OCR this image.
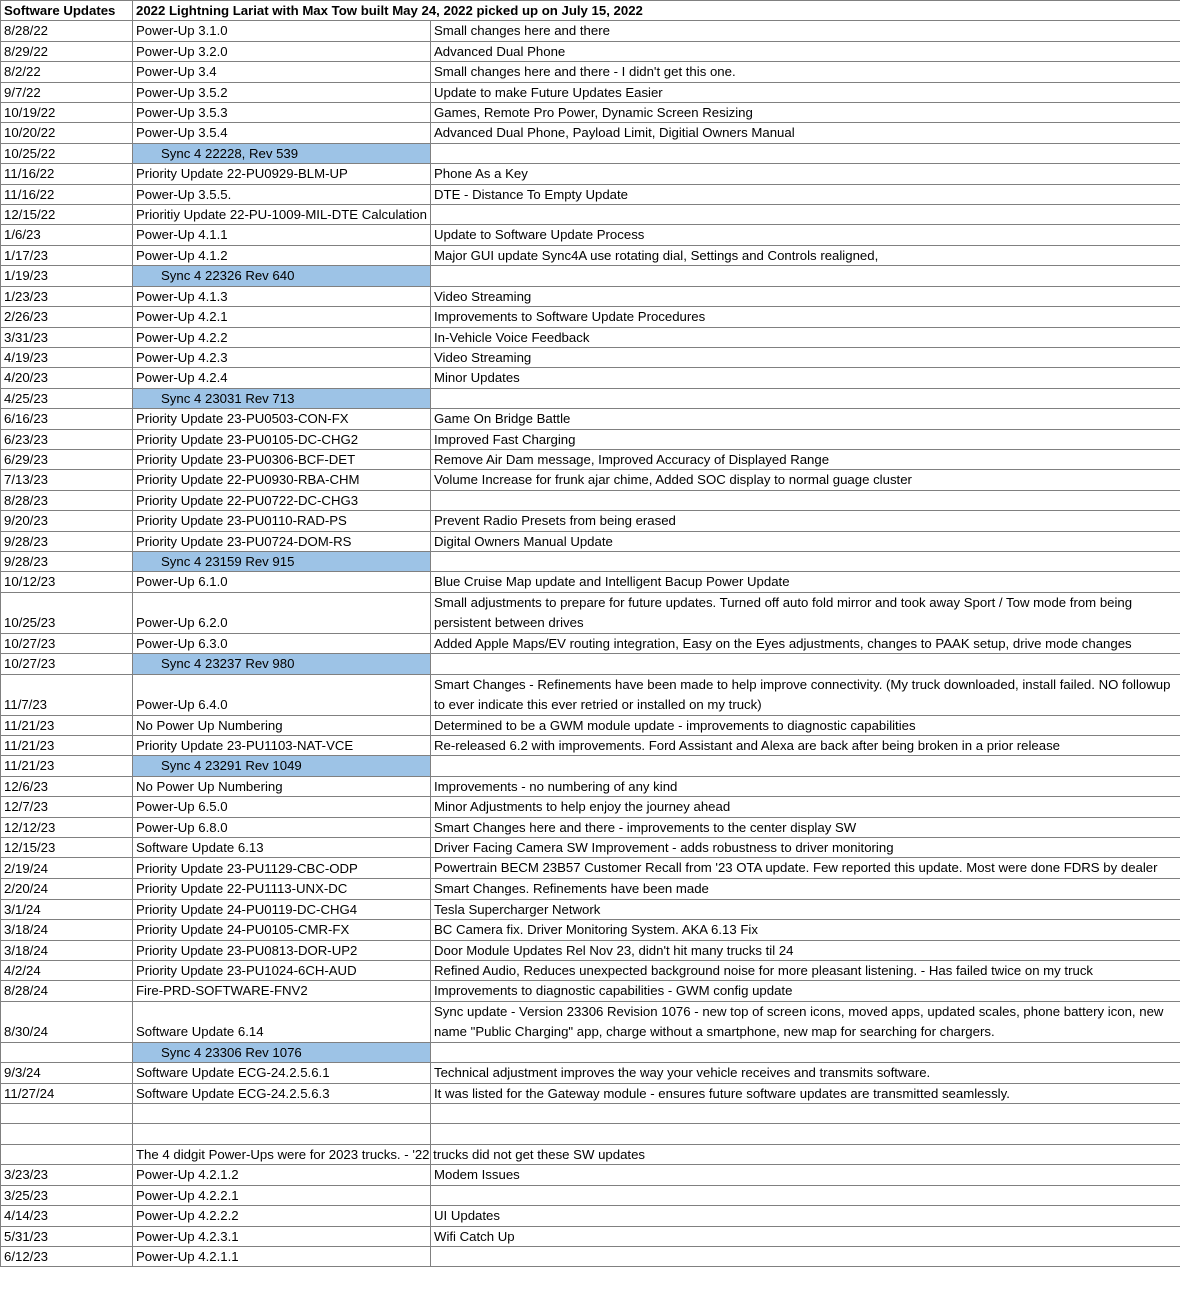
Software Updates	2022 Lightning Lariat with Max Tow built May 24, 2022 picked up on July 15, 2022	
8/28/22	Power-Up 3.1.0	Small changes here and there
8/29/22	Power-Up 3.2.0	Advanced Dual Phone
8/2/22	Power-Up 3.4	Small changes here and there - I didn't get this one.
9/7/22	Power-Up 3.5.2	Update to make Future Updates Easier
10/19/22	Power-Up 3.5.3	Games, Remote Pro Power, Dynamic Screen Resizing
10/20/22	Power-Up 3.5.4	Advanced Dual Phone, Payload Limit, Digitial Owners Manual
10/25/22	Sync 4 22228, Rev 539	
11/16/22	Priority Update 22-PU0929-BLM-UP	Phone As a Key
11/16/22	Power-Up 3.5.5.	DTE - Distance To Empty Update
12/15/22	Prioritiy Update 22-PU-1009-MIL-DTE Calculation	
1/6/23	Power-Up 4.1.1	Update to Software Update Process
1/17/23	Power-Up 4.1.2	Major GUI update Sync4A use rotating dial, Settings and Controls realigned,
1/19/23	Sync 4 22326 Rev 640	
1/23/23	Power-Up 4.1.3	Video Streaming
2/26/23	Power-Up 4.2.1	Improvements to Software Update Procedures
3/31/23	Power-Up 4.2.2	In-Vehicle Voice Feedback
4/19/23	Power-Up 4.2.3	Video Streaming
4/20/23	Power-Up 4.2.4	Minor Updates
4/25/23	Sync 4 23031 Rev 713	
6/16/23	Priority Update 23-PU0503-CON-FX	Game On Bridge Battle
6/23/23	Priority Update 23-PU0105-DC-CHG2	Improved Fast Charging
6/29/23	Priority Update 23-PU0306-BCF-DET	Remove Air Dam message, Improved Accuracy of Displayed Range
7/13/23	Priority Update 22-PU0930-RBA-CHM	Volume Increase for frunk ajar chime, Added SOC display to normal guage cluster
8/28/23	Priority Update 22-PU0722-DC-CHG3	
9/20/23	Priority Update 23-PU0110-RAD-PS	Prevent Radio Presets from being erased
9/28/23	Priority Update 23-PU0724-DOM-RS	Digital Owners Manual Update
9/28/23	Sync 4 23159 Rev 915	
10/12/23	Power-Up 6.1.0	Blue Cruise Map update and Intelligent Bacup Power Update
10/25/23	Power-Up 6.2.0	Small adjustments to prepare for future updates. Turned off auto fold mirror and took away Sport / Tow mode from being persistent between drives
10/27/23	Power-Up 6.3.0	Added Apple Maps/EV routing integration, Easy on the Eyes adjustments, changes to PAAK setup, drive mode changes
10/27/23	Sync 4 23237 Rev 980	
11/7/23	Power-Up 6.4.0	Smart Changes - Refinements have been made to help improve connectivity. (My truck downloaded, install failed. NO followup to ever indicate this ever retried or installed on my truck)
11/21/23	No Power Up Numbering	Determined to be a GWM module update - improvements to diagnostic capabilities
11/21/23	Priority Update 23-PU1103-NAT-VCE	Re-released 6.2 with improvements. Ford Assistant and Alexa are back after being broken in a prior release
11/21/23	Sync 4 23291 Rev 1049	
12/6/23	No Power Up Numbering	Improvements - no numbering of any kind
12/7/23	Power-Up 6.5.0	Minor Adjustments to help enjoy the journey ahead
12/12/23	Power-Up 6.8.0	Smart Changes here and there - improvements to the center display SW
12/15/23	Software Update 6.13	Driver Facing Camera SW Improvement - adds robustness to driver monitoring
2/19/24	Priority Update 23-PU1129-CBC-ODP	Powertrain BECM 23B57 Customer Recall from '23 OTA update. Few reported this update. Most were done FDRS by dealer
2/20/24	Priority Update 22-PU1113-UNX-DC	Smart Changes. Refinements have been made
3/1/24	Priority Update 24-PU0119-DC-CHG4	Tesla Supercharger Network
3/18/24	Priority Update 24-PU0105-CMR-FX	BC Camera fix. Driver Monitoring System. AKA 6.13 Fix
3/18/24	Priority Update 23-PU0813-DOR-UP2	Door Module Updates Rel Nov 23, didn't hit many trucks til 24
4/2/24	Priority Update 23-PU1024-6CH-AUD	Refined Audio, Reduces unexpected background noise for more pleasant listening. - Has failed twice on my truck
8/28/24	Fire-PRD-SOFTWARE-FNV2	Improvements to diagnostic capabilities - GWM config update
8/30/24	Software Update 6.14	Sync update - Version 23306 Revision 1076 - new top of screen icons, moved apps, updated scales, phone battery icon, new name "Public Charging" app, charge without a smartphone, new map for searching for chargers.
	Sync 4 23306 Rev 1076	
9/3/24	Software Update ECG-24.2.5.6.1	Technical adjustment improves the way your vehicle receives and transmits software.
11/27/24	Software Update ECG-24.2.5.6.3	It was listed for the Gateway module - ensures future software updates are transmitted seamlessly.

	The 4 didgit Power-Ups were for 2023 trucks. - '22 trucks did not get these SW updates	
3/23/23	Power-Up 4.2.1.2	Modem Issues
3/25/23	Power-Up 4.2.2.1	
4/14/23	Power-Up 4.2.2.2	UI Updates
5/31/23	Power-Up 4.2.3.1	Wifi Catch Up
6/12/23	Power-Up 4.2.1.1	
